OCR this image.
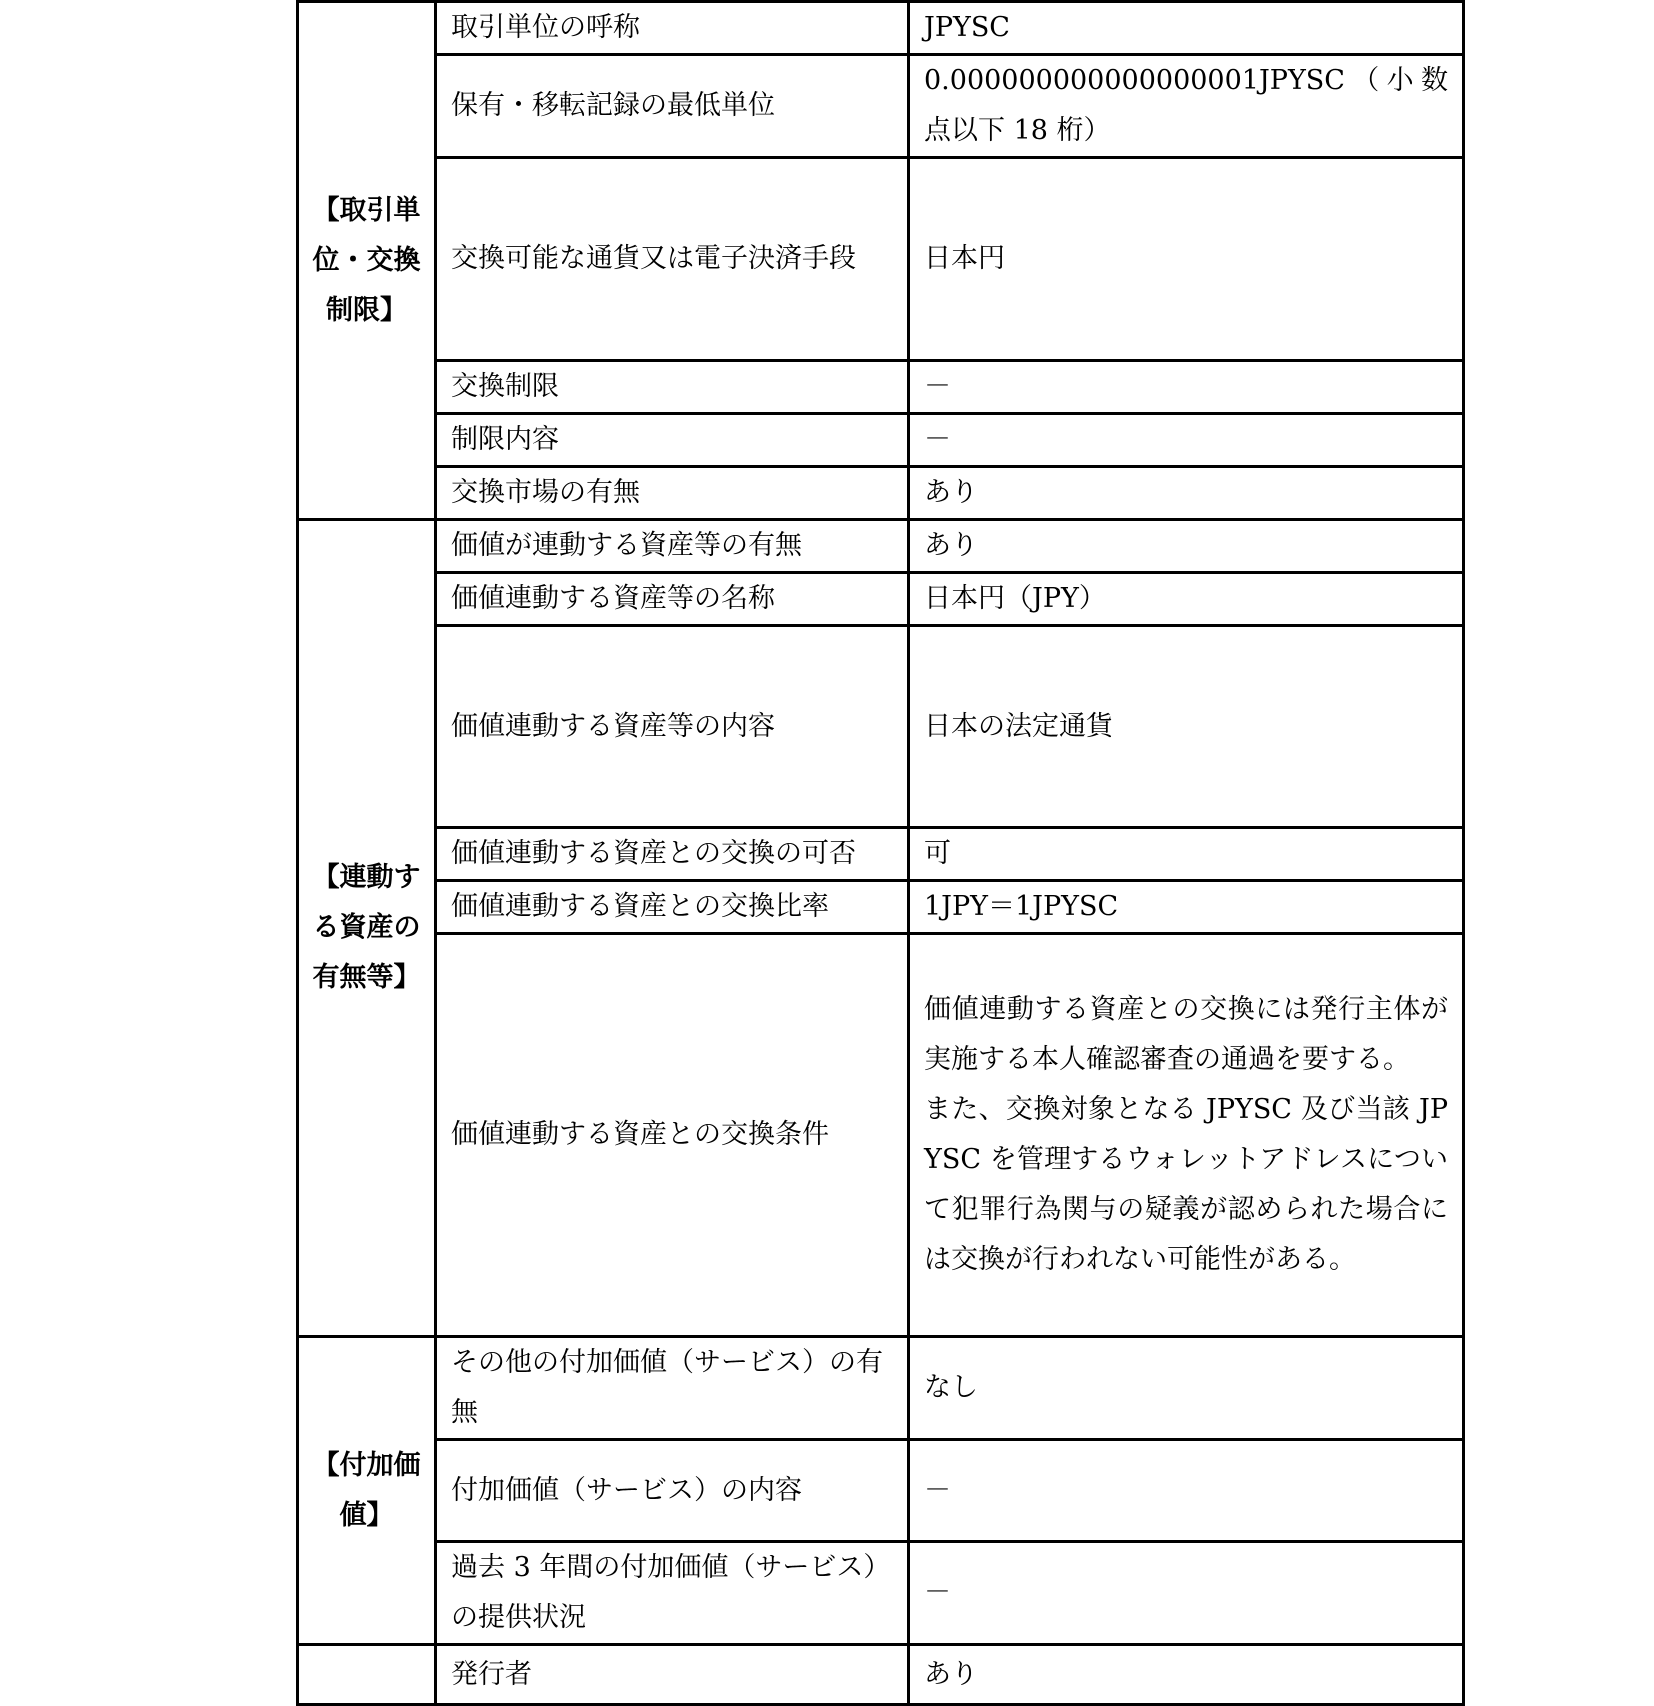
【取引単位・交換制限】	取引単位の呼称	JPYSC

	保有・移転記録の最低単位	0.000000000000000001JPYSC（小数点以下 18 桁）

	交換可能な通貨又は電子決済手段	日本円

	交換制限	－

	制限内容	－

	交換市場の有無	あり

【連動する資産の有無等】	価値が連動する資産等の有無	あり

	価値連動する資産等の名称	日本円（JPY）

	価値連動する資産等の内容	日本の法定通貨

	価値連動する資産との交換の可否	可

	価値連動する資産との交換比率	1JPY＝1JPYSC

	価値連動する資産との交換条件	価値連動する資産との交換には発行主体が実施する本人確認審査の通過を要する。
また、交換対象となる JPYSC 及び当該 JPYSC を管理するウォレットアドレスについて犯罪行為関与の疑義が認められた場合には交換が行われない可能性がある。

【付加価値】	その他の付加価値（サービス）の有無	なし

	付加価値（サービス）の内容	－

	過去 3 年間の付加価値（サービス）の提供状況	－

	発行者	あり
